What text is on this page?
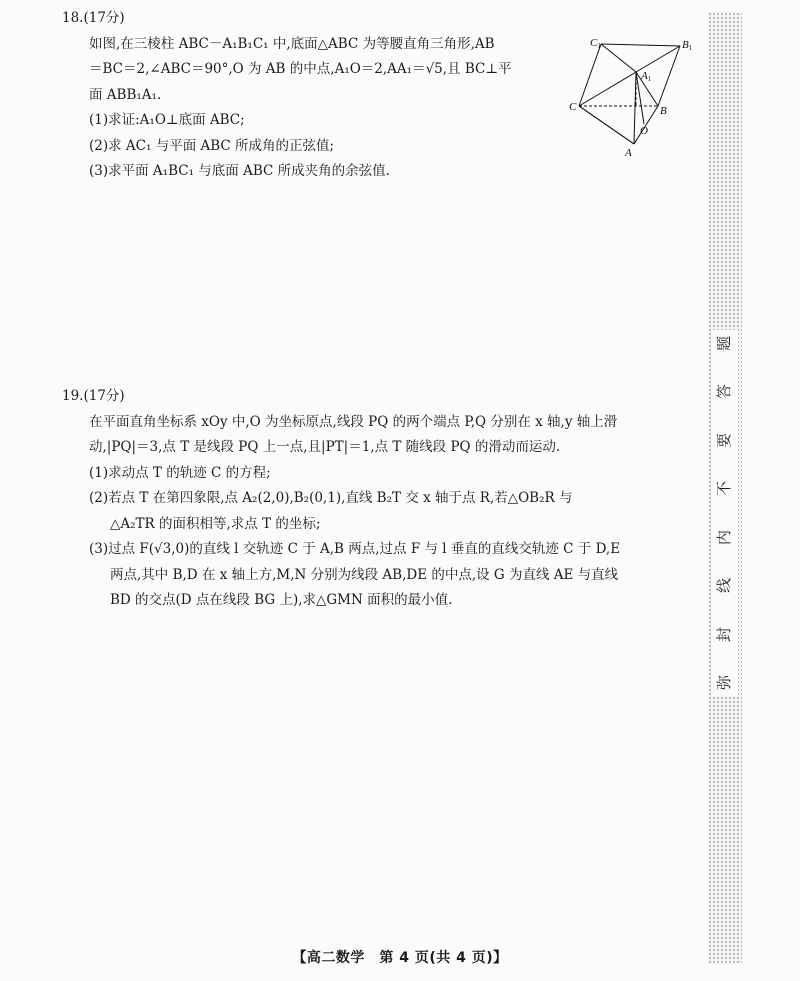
18.(17分)
如图,在三棱柱 ABC－A₁B₁C₁ 中,底面△ABC 为等腰直角三角形,AB
＝BC＝2,∠ABC＝90°,O 为 AB 的中点,A₁O＝2,AA₁＝√5,且 BC⊥平
面 ABB₁A₁.
(1)求证:A₁O⊥底面 ABC;
(2)求 AC₁ 与平面 ABC 所成角的正弦值;
(3)求平面 A₁BC₁ 与底面 ABC 所成夹角的余弦值.
C1	B1
A1
C	B
O
A
19.(17分)
在平面直角坐标系 xOy 中,O 为坐标原点,线段 PQ 的两个端点 P,Q 分别在 x 轴,y 轴上滑
动,|PQ|＝3,点 T 是线段 PQ 上一点,且|PT|＝1,点 T 随线段 PQ 的滑动而运动.
(1)求动点 T 的轨迹 C 的方程;
(2)若点 T 在第四象限,点 A₂(2,0),B₂(0,1),直线 B₂T 交 x 轴于点 R,若△OB₂R 与
△A₂TR 的面积相等,求点 T 的坐标;
(3)过点 F(√3,0)的直线 l 交轨迹 C 于 A,B 两点,过点 F 与 l 垂直的直线交轨迹 C 于 D,E
两点,其中 B,D 在 x 轴上方,M,N 分别为线段 AB,DE 的中点,设 G 为直线 AE 与直线
BD 的交点(D 点在线段 BG 上),求△GMN 面积的最小值.
题
答
要
不
内
线
封
弥
【高二数学　第 4 页(共 4 页)】
